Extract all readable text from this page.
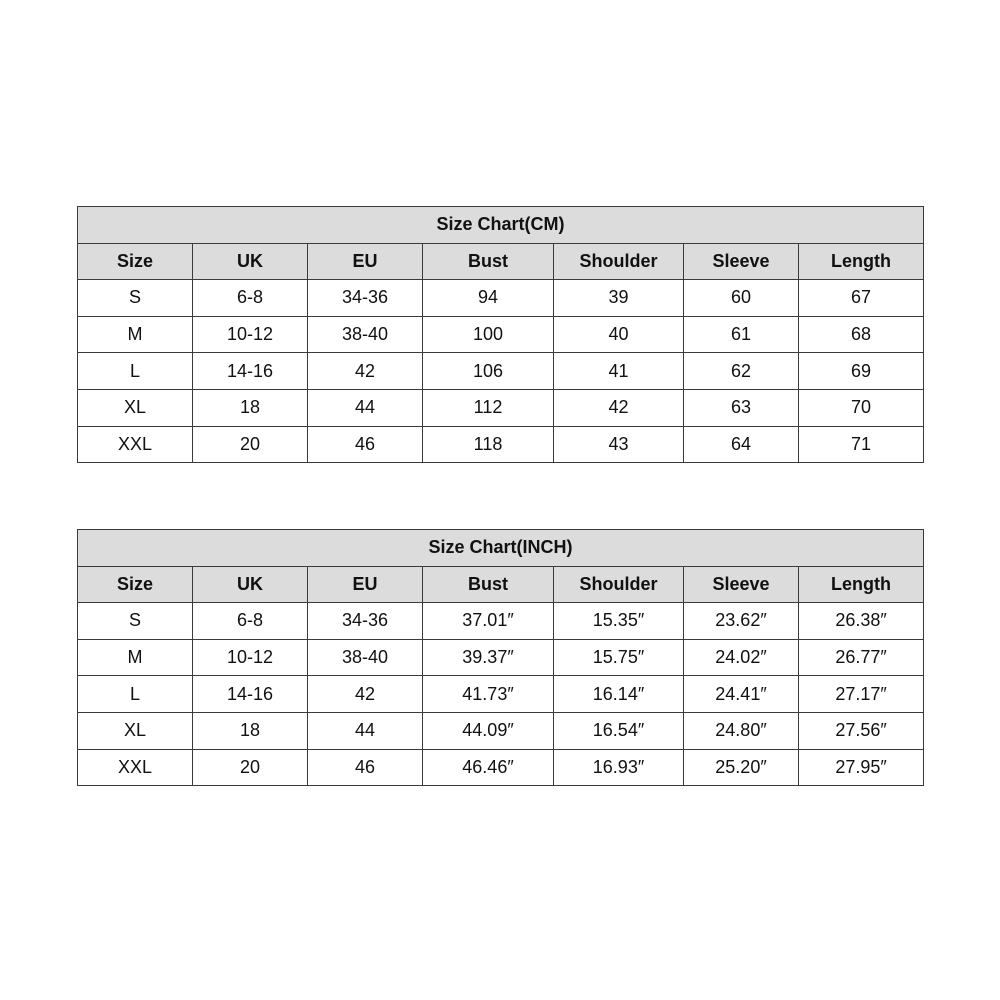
Size Chart(CM)						
Size	UK	EU	Bust	Shoulder	Sleeve	Length
S	6-8	34-36	94	39	60	67
M	10-12	38-40	100	40	61	68
L	14-16	42	106	41	62	69
XL	18	44	112	42	63	70
XXL	20	46	118	43	64	71
Size Chart(INCH)						
Size	UK	EU	Bust	Shoulder	Sleeve	Length
S	6-8	34-36	37.01″	15.35″	23.62″	26.38″
M	10-12	38-40	39.37″	15.75″	24.02″	26.77″
L	14-16	42	41.73″	16.14″	24.41″	27.17″
XL	18	44	44.09″	16.54″	24.80″	27.56″
XXL	20	46	46.46″	16.93″	25.20″	27.95″
